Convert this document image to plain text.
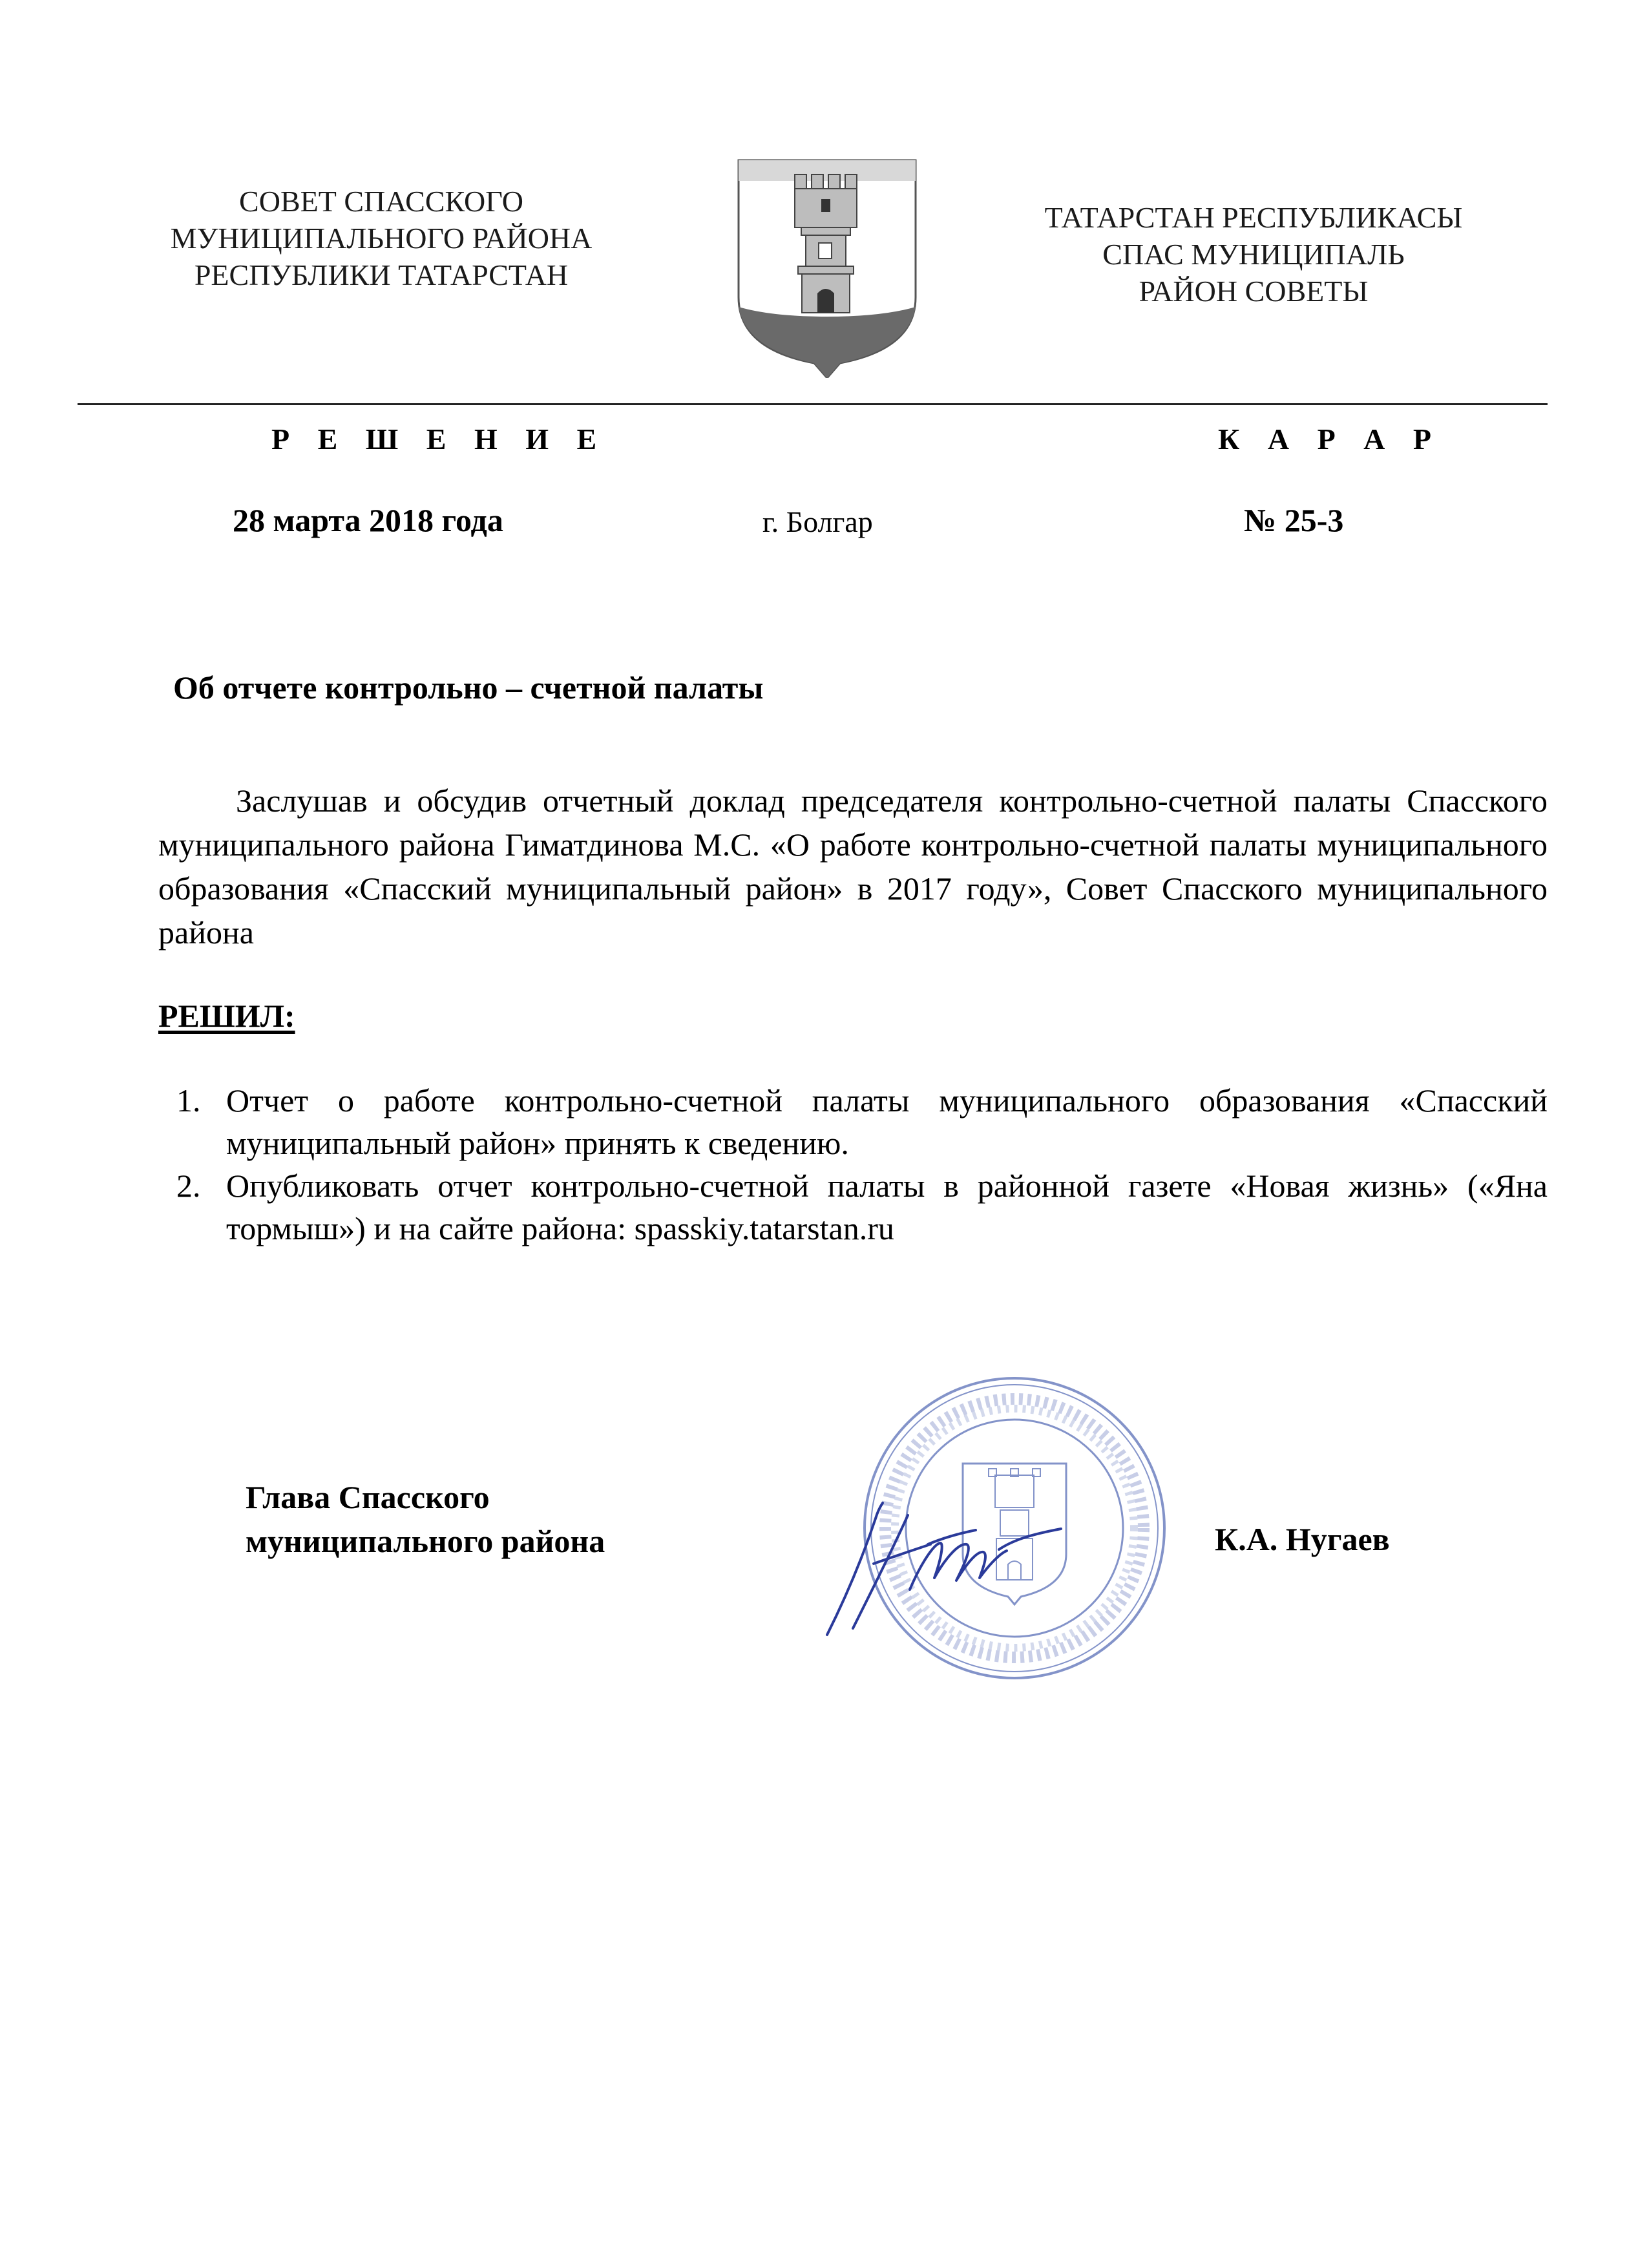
СОВЕТ СПАССКОГО
МУНИЦИПАЛЬНОГО РАЙОНА
РЕСПУБЛИКИ ТАТАРСТАН
ТАТАРСТАН РЕСПУБЛИКАСЫ
СПАС МУНИЦИПАЛЬ
РАЙОН СОВЕТЫ
Р Е Ш Е Н И Е	К А Р А Р
28 марта 2018 года	г. Болгар	№ 25-3
Об отчете контрольно – счетной палаты
Заслушав и обсудив отчетный доклад председателя контрольно-счетной палаты Спасского муниципального района Гиматдинова М.С. «О работе контрольно-счетной палаты муниципального образования «Спасский муниципальный район» в 2017 году», Совет Спасского муниципального района
РЕШИЛ:
1. Отчет о работе контрольно-счетной палаты муниципального образования «Спасский муниципальный район» принять к сведению.
2. Опубликовать отчет контрольно-счетной палаты в районной газете «Новая жизнь» («Яна тормыш») и на сайте района: spasskiy.tatarstan.ru
Глава Спасского
муниципального района	К.А. Нугаев
